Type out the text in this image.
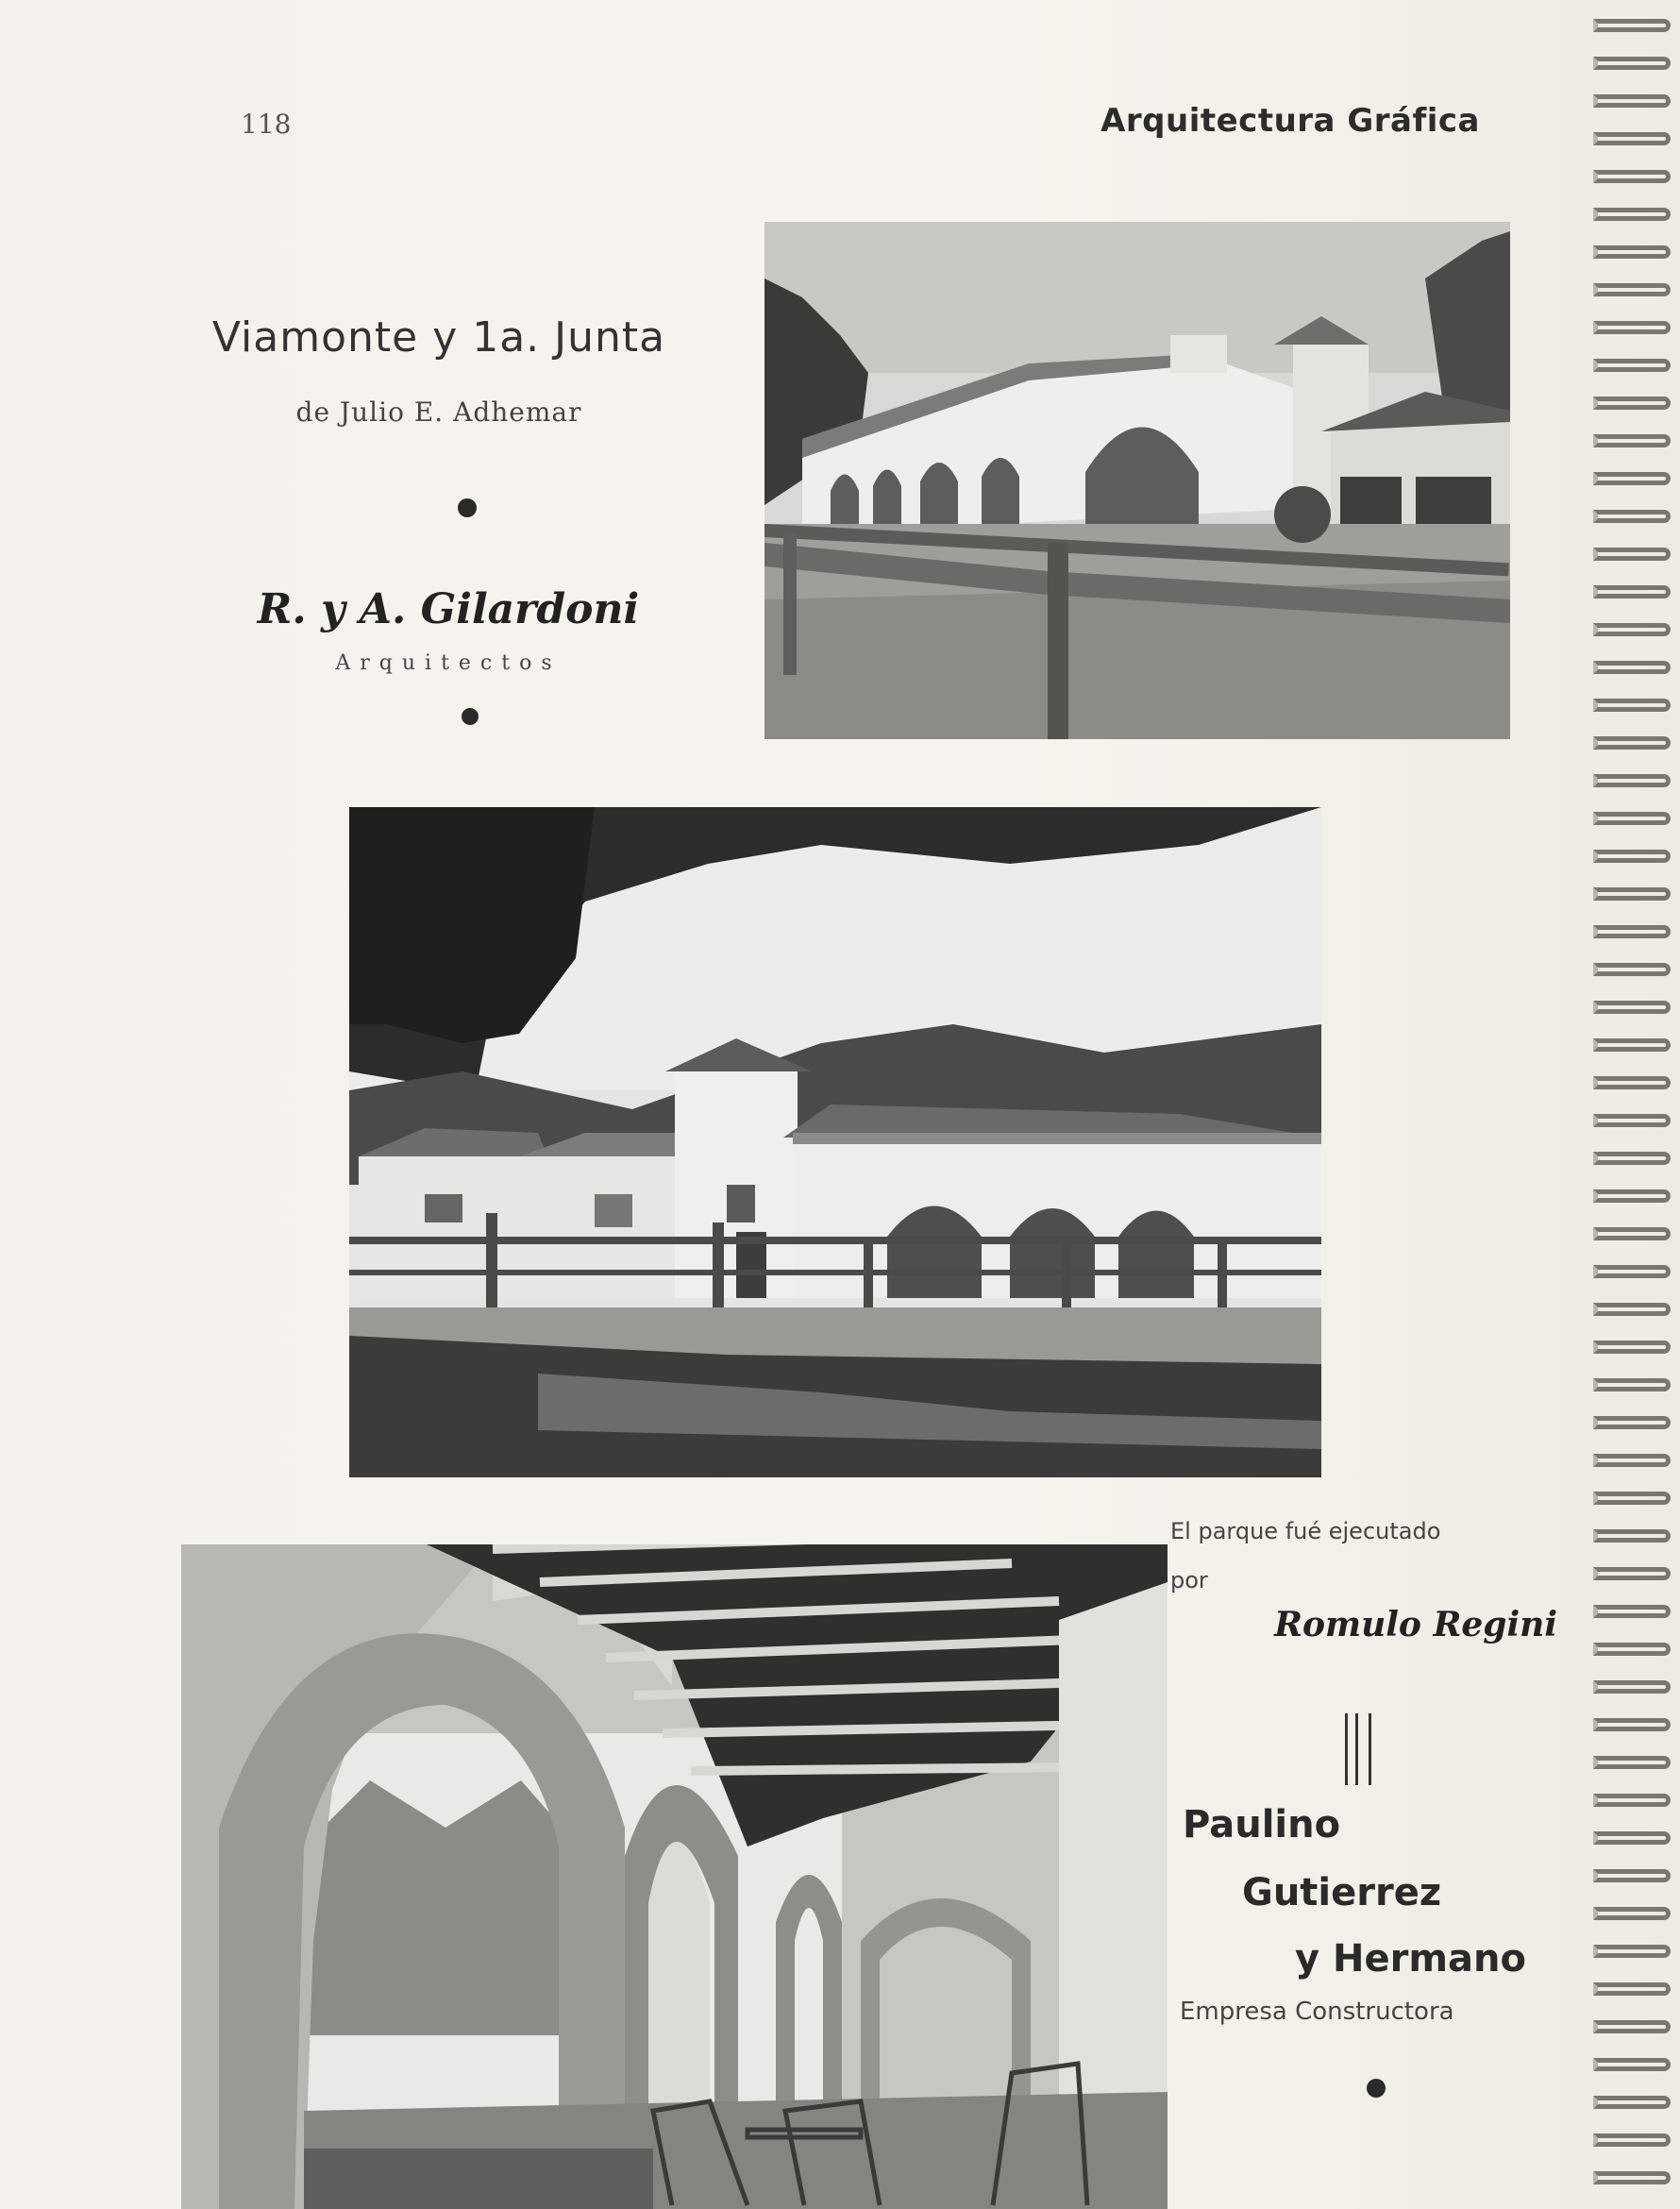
118	Arquitectura Gráfica
Viamonte y 1a. Junta
de Julio E. Adhemar
R. y A. Gilardoni
Arquitectos
El parque fué ejecutado
por
Romulo Regini
Paulino
Gutierrez
y Hermano
Empresa Constructora
